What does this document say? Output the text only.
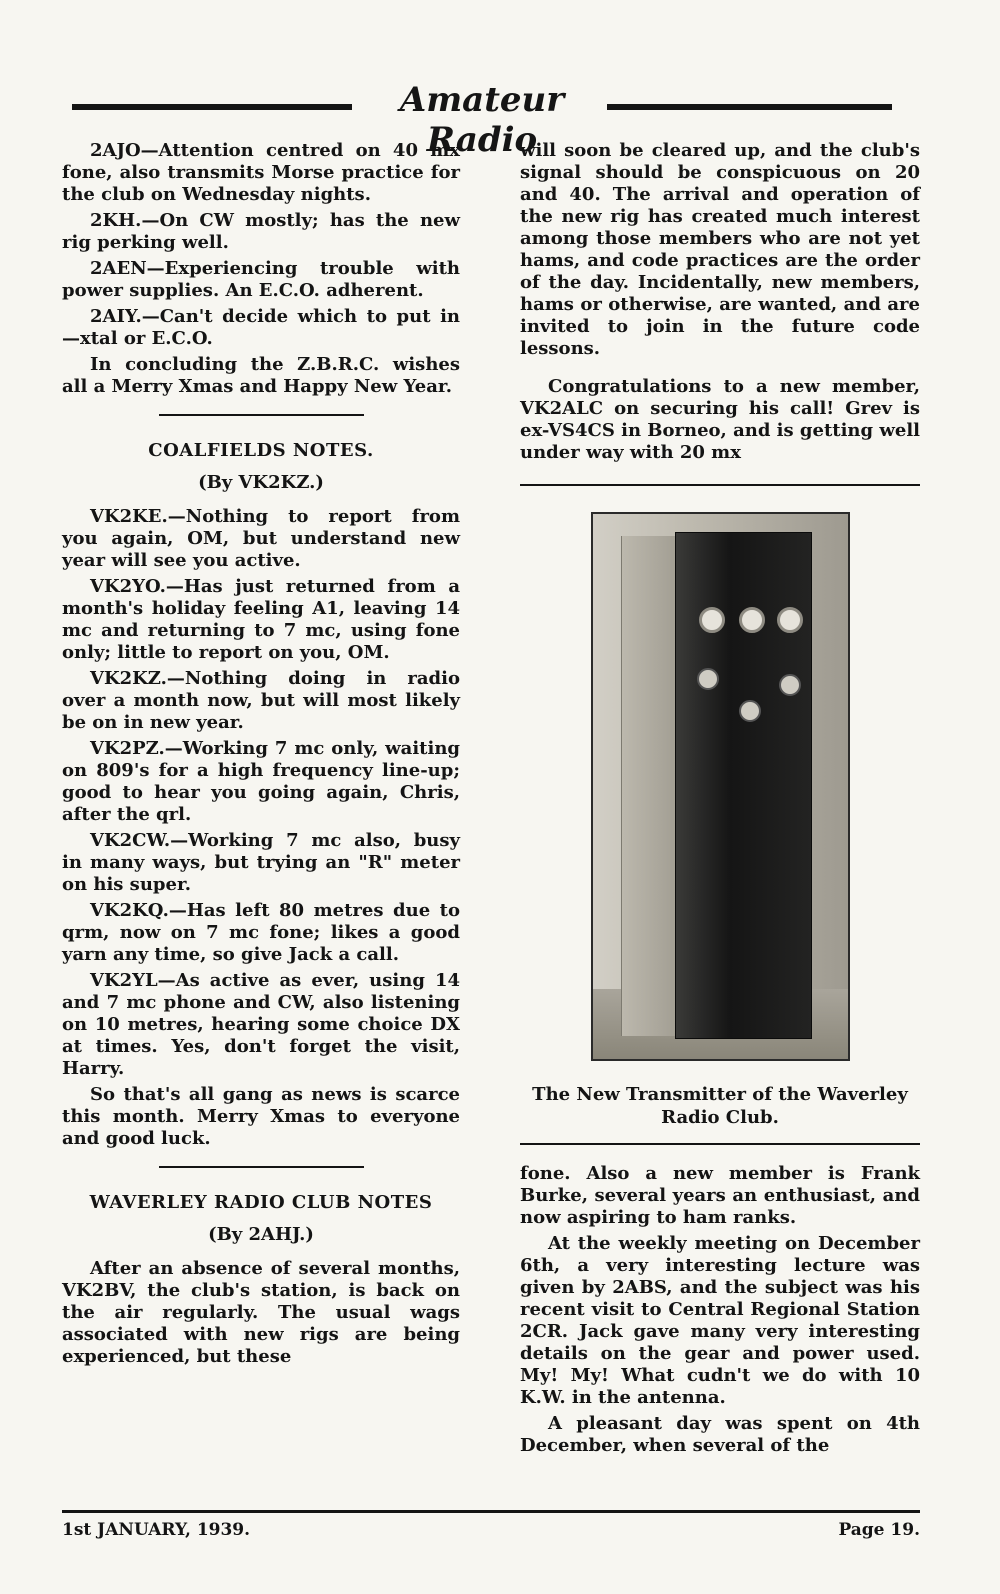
Amateur Radio

2AJO—Attention centred on 40 mx fone, also transmits Morse practice for the club on Wednesday nights.

2KH.—On CW mostly; has the new rig perking well.

2AEN—Experiencing trouble with power supplies. An E.C.O. adherent.

2AIY.—Can't decide which to put in—xtal or E.C.O.

In concluding the Z.B.R.C. wishes all a Merry Xmas and Happy New Year.

COALFIELDS NOTES.
(By VK2KZ.)

VK2KE.—Nothing to report from you again, OM, but understand new year will see you active.

VK2YO.—Has just returned from a month's holiday feeling A1, leaving 14 mc and returning to 7 mc, using fone only; little to report on you, OM.

VK2KZ.—Nothing doing in radio over a month now, but will most likely be on in new year.

VK2PZ.—Working 7 mc only, waiting on 809's for a high frequency line-up; good to hear you going again, Chris, after the qrl.

VK2CW.—Working 7 mc also, busy in many ways, but trying an "R" meter on his super.

VK2KQ.—Has left 80 metres due to qrm, now on 7 mc fone; likes a good yarn any time, so give Jack a call.

VK2YL—As active as ever, using 14 and 7 mc phone and CW, also listening on 10 metres, hearing some choice DX at times. Yes, don't forget the visit, Harry.

So that's all gang as news is scarce this month. Merry Xmas to everyone and good luck.

WAVERLEY RADIO CLUB NOTES
(By 2AHJ.)

After an absence of several months, VK2BV, the club's station, is back on the air regularly. The usual wags associated with new rigs are being experienced, but these

will soon be cleared up, and the club's signal should be conspicuous on 20 and 40. The arrival and operation of the new rig has created much interest among those members who are not yet hams, and code practices are the order of the day. Incidentally, new members, hams or otherwise, are wanted, and are invited to join in the future code lessons.

Congratulations to a new member, VK2ALC on securing his call! Grev is ex-VS4CS in Borneo, and is getting well under way with 20 mx

The New Transmitter of the Waverley Radio Club.

fone. Also a new member is Frank Burke, several years an enthusiast, and now aspiring to ham ranks.

At the weekly meeting on December 6th, a very interesting lecture was given by 2ABS, and the subject was his recent visit to Central Regional Station 2CR. Jack gave many very interesting details on the gear and power used. My! My! What cudn't we do with 10 K.W. in the antenna.

A pleasant day was spent on 4th December, when several of the

1st JANUARY, 1939.	Page 19.
